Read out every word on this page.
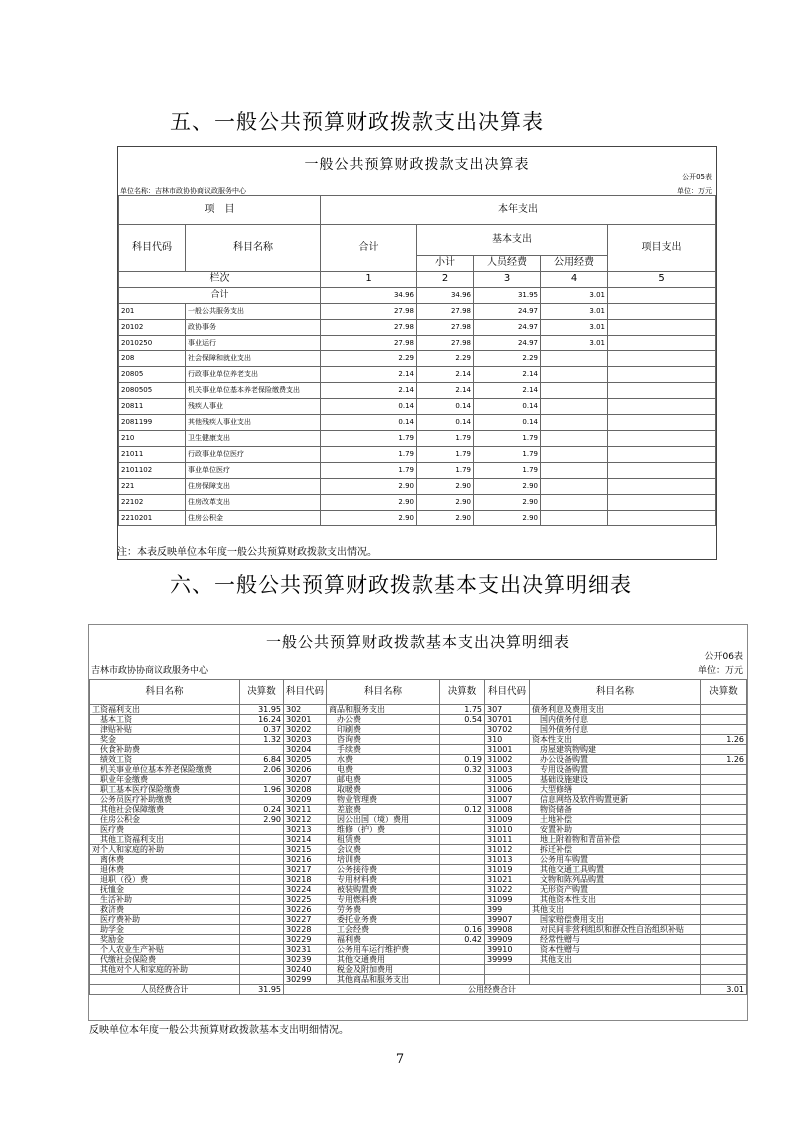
五、一般公共预算财政拨款支出决算表
一般公共预算财政拨款支出决算表
公开05表
单位名称：吉林市政协协商议政服务中心	单位：万元
项　目		本年支出				
科目代码	科目名称	合计	基本支出			项目支出
			小计	人员经费	公用经费	
栏次		1	2	3	4	5
合计		34.96	34.96	31.95	3.01	
201	一般公共服务支出	27.98	27.98	24.97	3.01	
20102	政协事务	27.98	27.98	24.97	3.01	
2010250	事业运行	27.98	27.98	24.97	3.01	
208	社会保障和就业支出	2.29	2.29	2.29		
20805	行政事业单位养老支出	2.14	2.14	2.14		
2080505	机关事业单位基本养老保险缴费支出	2.14	2.14	2.14		
20811	残疾人事业	0.14	0.14	0.14		
2081199	其他残疾人事业支出	0.14	0.14	0.14		
210	卫生健康支出	1.79	1.79	1.79		
21011	行政事业单位医疗	1.79	1.79	1.79		
2101102	事业单位医疗	1.79	1.79	1.79		
221	住房保障支出	2.90	2.90	2.90		
22102	住房改革支出	2.90	2.90	2.90		
2210201	住房公积金	2.90	2.90	2.90		
注：本表反映单位本年度一般公共预算财政拨款支出情况。
六、一般公共预算财政拨款基本支出决算明细表
一般公共预算财政拨款基本支出决算明细表
公开06表
吉林市政协协商议政服务中心	单位：万元
科目名称	决算数	科目代码	科目名称	决算数	科目代码	科目名称	决算数
工资福利支出	31.95	302	商品和服务支出	1.75	307	债务利息及费用支出	
　基本工资	16.24	30201	　办公费	0.54	30701	　国内债务付息	
　津贴补贴	0.37	30202	　印刷费		30702	　国外债务付息	
　奖金	1.32	30203	　咨询费		310	资本性支出	1.26
　伙食补助费		30204	　手续费		31001	　房屋建筑物购建	
　绩效工资	6.84	30205	　水费	0.19	31002	　办公设备购置	1.26
　机关事业单位基本养老保险缴费	2.06	30206	　电费	0.32	31003	　专用设备购置	
　职业年金缴费		30207	　邮电费		31005	　基础设施建设	
　职工基本医疗保险缴费	1.96	30208	　取暖费		31006	　大型修缮	
　公务员医疗补助缴费		30209	　物业管理费		31007	　信息网络及软件购置更新	
　其他社会保障缴费	0.24	30211	　差旅费	0.12	31008	　物资储备	
　住房公积金	2.90	30212	　因公出国（境）费用		31009	　土地补偿	
　医疗费		30213	　维修（护）费		31010	　安置补助	
　其他工资福利支出		30214	　租赁费		31011	　地上附着物和青苗补偿	
对个人和家庭的补助		30215	　会议费		31012	　拆迁补偿	
　离休费		30216	　培训费		31013	　公务用车购置	
　退休费		30217	　公务接待费		31019	　其他交通工具购置	
　退职（役）费		30218	　专用材料费		31021	　文物和陈列品购置	
　抚恤金		30224	　被装购置费		31022	　无形资产购置	
　生活补助		30225	　专用燃料费		31099	　其他资本性支出	
　救济费		30226	　劳务费		399	其他支出	
　医疗费补助		30227	　委托业务费		39907	　国家赔偿费用支出	
　助学金		30228	　工会经费	0.16	39908	　对民间非营利组织和群众性自治组织补贴	
　奖励金		30229	　福利费	0.42	39909	　经常性赠与	
　个人农业生产补贴		30231	　公务用车运行维护费		39910	　资本性赠与	
　代缴社会保险费		30239	　其他交通费用		39999	　其他支出	
　其他对个人和家庭的补助		30240	　税金及附加费用				
		30299	　其他商品和服务支出				
人员经费合计	31.95	公用经费合计					3.01
反映单位本年度一般公共预算财政拨款基本支出明细情况。
7
